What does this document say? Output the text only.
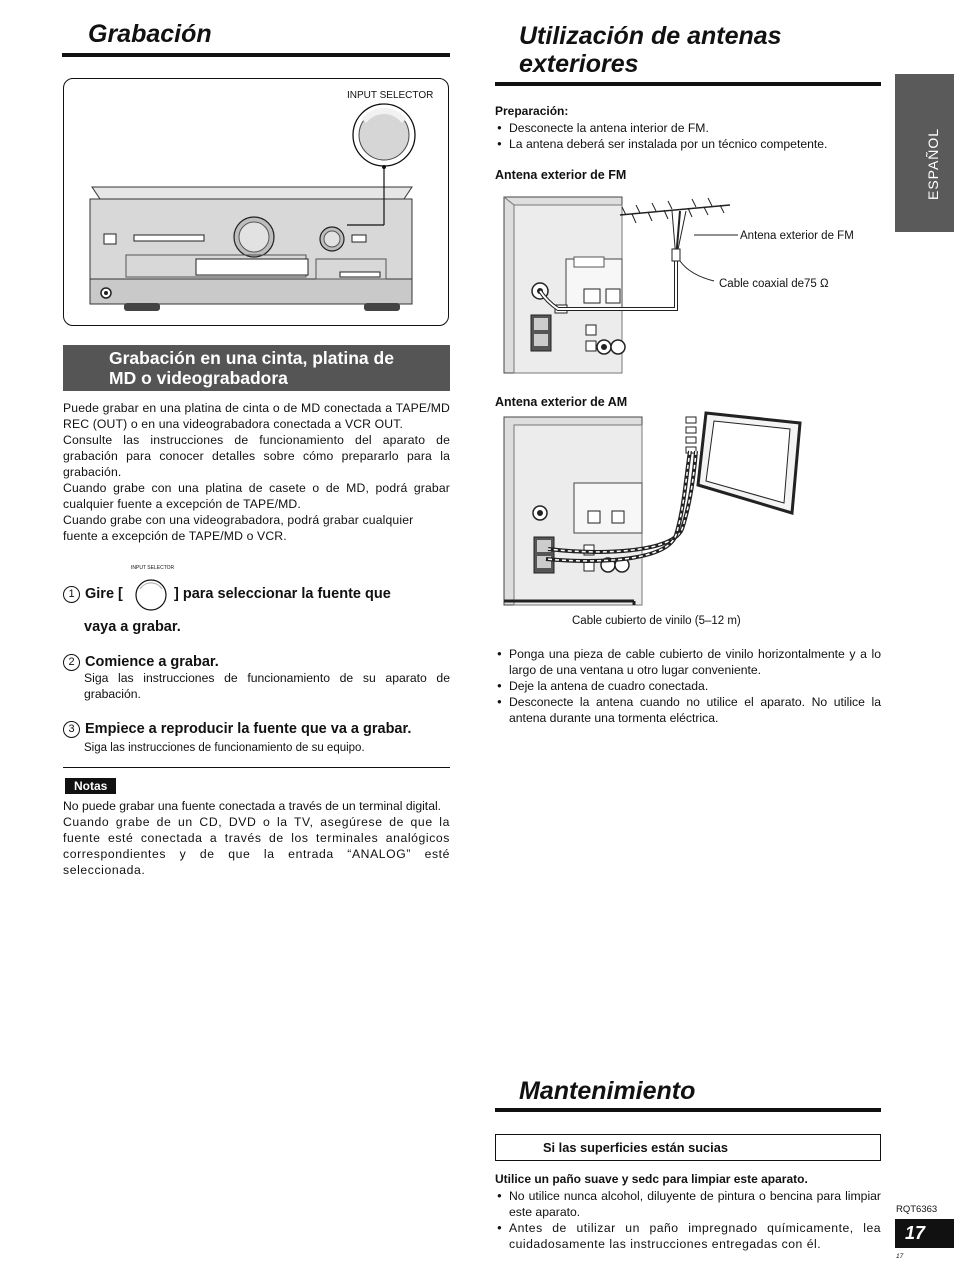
Grabación
INPUT SELECTOR
Grabación en una cinta, platina de
MD o videograbadora

Puede grabar en una platina de cinta o de MD conectada a TAPE/MD REC (OUT) o en una videograbadora conectada a VCR OUT.

Consulte las instrucciones de funcionamiento del aparato de grabación para conocer detalles sobre cómo prepararlo para la grabación.

Cuando grabe con una platina de casete o de MD, podrá grabar cualquier fuente a excepción de TAPE/MD.

Cuando grabe con una videograbadora, podrá grabar cualquier fuente a excepción de TAPE/MD o VCR.

1 Gire [
INPUT SELECTOR
] para seleccionar la fuente que
vaya a grabar.
2 Comience a grabar.
Siga las instrucciones de funcionamiento de su aparato de grabación.
3 Empiece a reproducir la fuente que va a grabar.
Siga las instrucciones de funcionamiento de su equipo.
Notas

No puede grabar una fuente conectada a través de un terminal digital.

Cuando grabe de un CD, DVD o la TV, asegúrese de que la fuente esté conectada a través de los terminales analógicos correspondientes y de que la entrada “ANALOG” esté seleccionada.

Utilización de antenas
exteriores
Preparación:
● Desconecte la antena interior de FM.
● La antena deberá ser instalada por un técnico competente.
Antena exterior de FM
Antena exterior de FM
Cable coaxial de75 Ω
Antena exterior de AM
Cable cubierto de vinilo (5–12 m)
● Ponga una pieza de cable cubierto de vinilo horizontalmente y a lo largo de una ventana u otro lugar conveniente.
● Deje la antena de cuadro conectada.
● Desconecte la antena cuando no utilice el aparato. No utilice la antena durante una tormenta eléctrica.
Mantenimiento
Si las superficies están sucias
Utilice un paño suave y sedc para limpiar este aparato.
● No utilice nunca alcohol, diluyente de pintura o bencina para limpiar este aparato.
● Antes de utilizar un paño impregnado químicamente, lea cuidadosamente las instrucciones entregadas con él.
ESPAÑOL
RQT6363
17
17
